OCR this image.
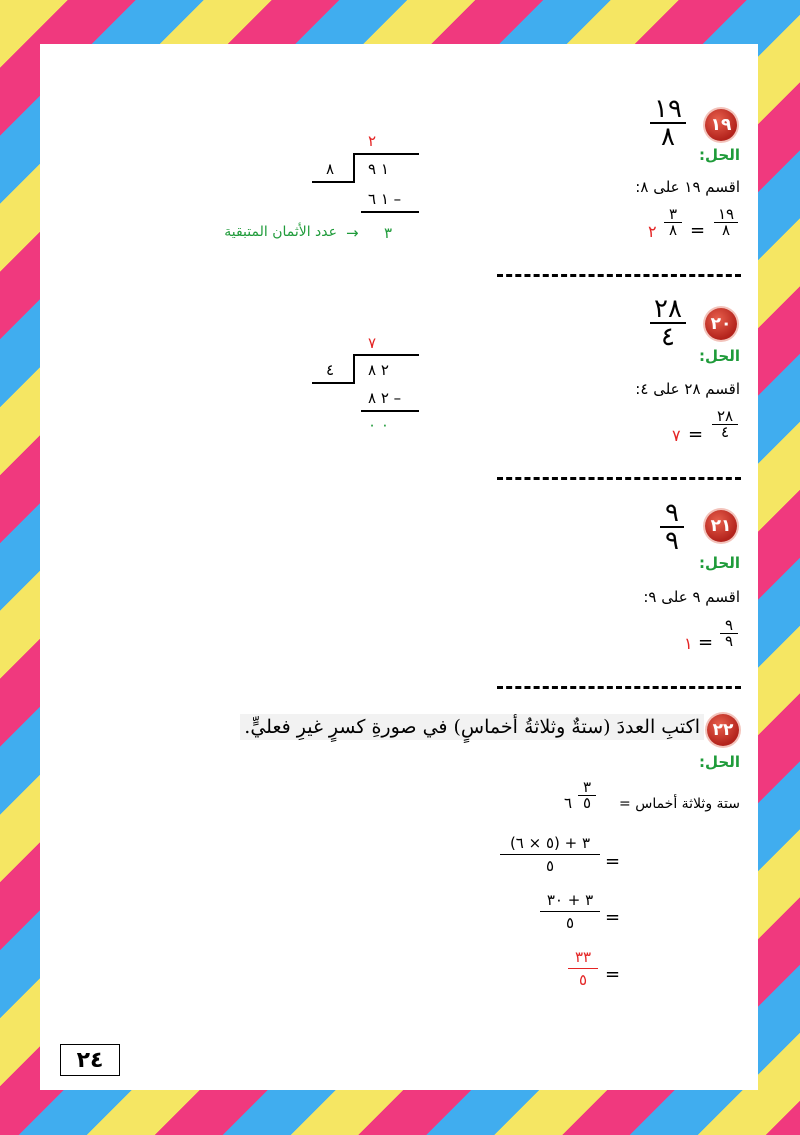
١٩
١٩
٨
الحل:
اقسم ١٩ على ٨:
١٩
٨
=
٣
٨
٢
٢
١ ٩
٨
١ ٦ –
٣
→
عدد الأثمان المتبقية
٢٠
٢٨
٤
الحل:
اقسم ٢٨ على ٤:
٢٨
٤
=
٧
٧
٢ ٨
٤
٢ ٨ –
٠ ٠
٢١
٩
٩
الحل:
اقسم ٩ على ٩:
٩
٩
=
١
٢٢
اكتبِ العددَ (ستةٌ وثلاثةُ أخماسٍ) في صورةِ كسرٍ غيرِ فعليٍّ.
الحل:
ستة وثلاثة أخماس =
٣
٥
٦
٣ + (٥ × ٦)
٥	=
٣ + ٣٠
٥ =
٣٣
٥ =
٢٤
